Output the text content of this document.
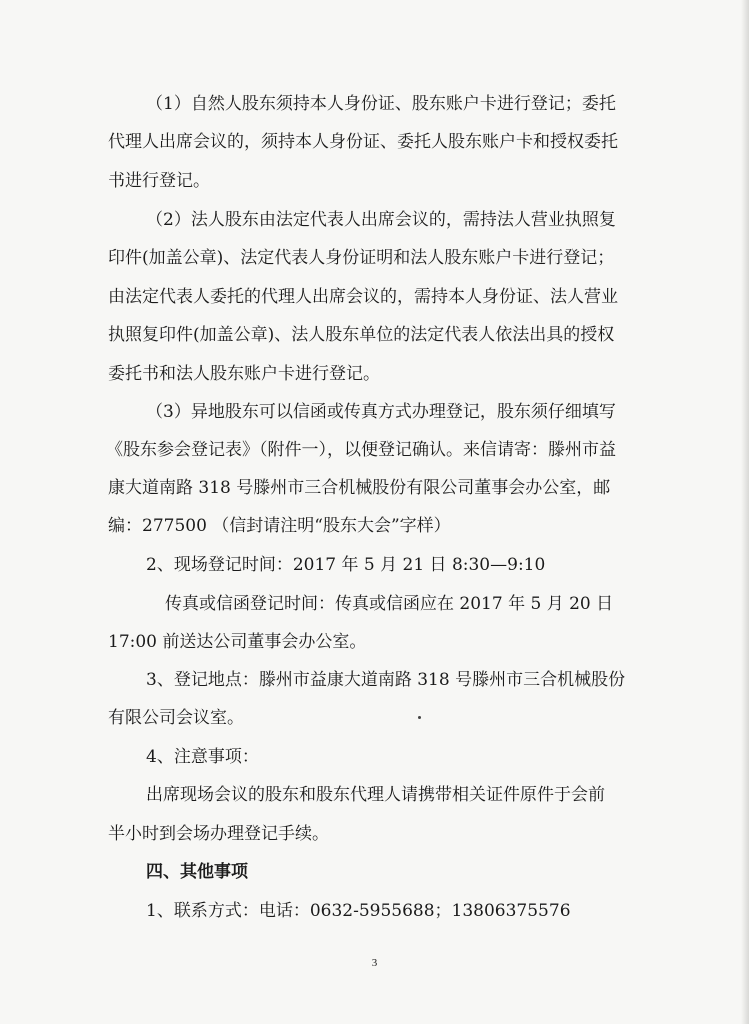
（1）自然人股东须持本人身份证、股东账户卡进行登记；委托
代理人出席会议的，须持本人身份证、委托人股东账户卡和授权委托
书进行登记。
（2）法人股东由法定代表人出席会议的，需持法人营业执照复
印件(加盖公章)、法定代表人身份证明和法人股东账户卡进行登记；
由法定代表人委托的代理人出席会议的，需持本人身份证、法人营业
执照复印件(加盖公章)、法人股东单位的法定代表人依法出具的授权
委托书和法人股东账户卡进行登记。
（3）异地股东可以信函或传真方式办理登记，股东须仔细填写
《股东参会登记表》（附件一），以便登记确认。来信请寄：滕州市益
康大道南路 318 号滕州市三合机械股份有限公司董事会办公室，邮
编：277500 （信封请注明“股东大会”字样）
2、现场登记时间：2017 年 5 月 21 日 8:30—9:10
传真或信函登记时间：传真或信函应在 2017 年 5 月 20 日
17:00 前送达公司董事会办公室。
3、登记地点：滕州市益康大道南路 318 号滕州市三合机械股份
有限公司会议室。
4、注意事项：
出席现场会议的股东和股东代理人请携带相关证件原件于会前
半小时到会场办理登记手续。
四、其他事项
1、联系方式：电话：0632-5955688；13806375576
3
